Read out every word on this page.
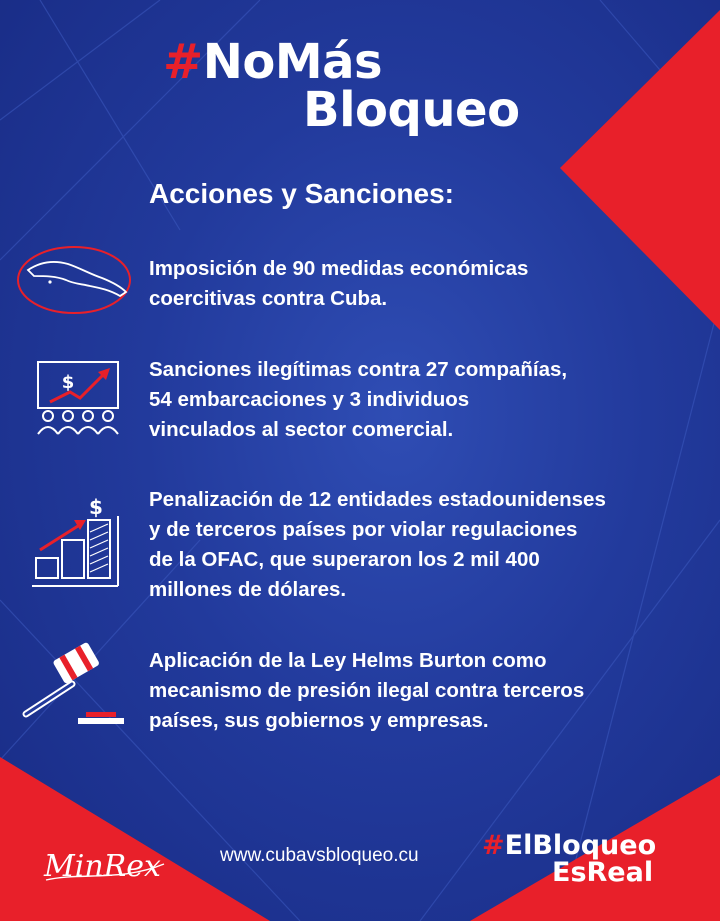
#NoMás
Bloqueo
Acciones y Sanciones:

Imposición de 90 medidas económicas

coercitivas contra Cuba.

$

Sanciones ilegítimas contra 27 compañías,

54 embarcaciones y 3 individuos

vinculados al sector comercial.

$ Penalización de 12 entidades estadounidenses

y de terceros países por violar regulaciones

de la OFAC, que superaron los 2 mil 400

millones de dólares.

Aplicación de la Ley Helms Burton como

mecanismo de presión ilegal contra terceros

países, sus gobiernos y empresas.

MinRex	www.cubavsbloqueo.cu #ElBloqueo
EsReal
